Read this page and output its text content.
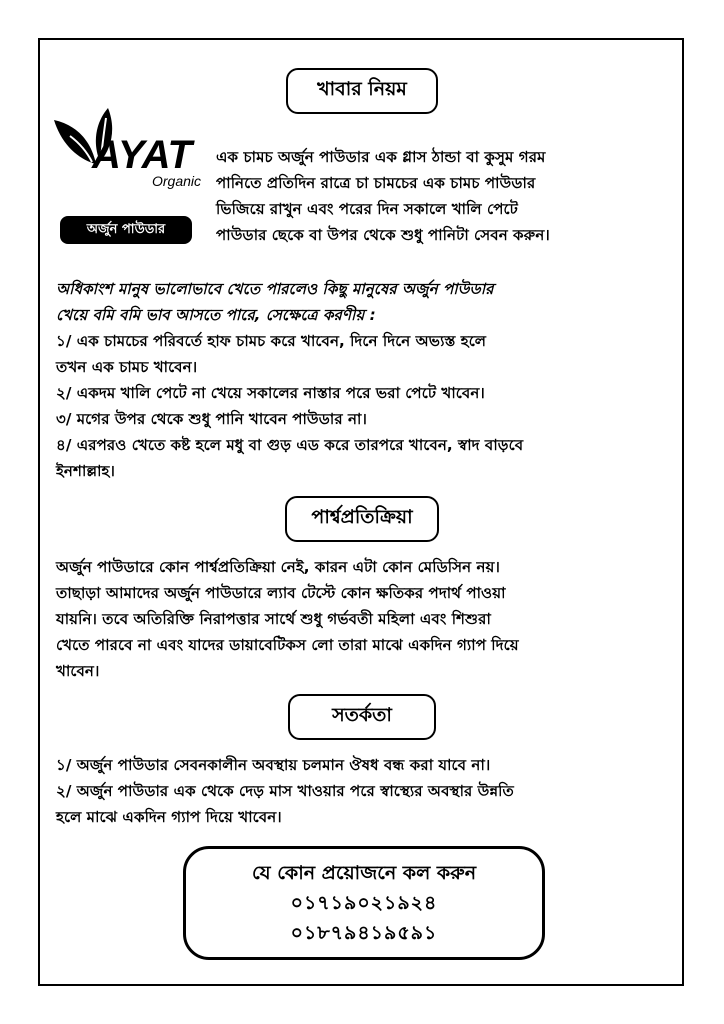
খাবার নিয়ম
AYAT
Organic
অর্জুন পাউডার
এক চামচ অর্জুন পাউডার এক গ্লাস ঠান্ডা বা কুসুম গরম
পানিতে প্রতিদিন রাত্রে চা চামচের এক চামচ পাউডার
ভিজিয়ে রাখুন এবং পরের দিন সকালে খালি পেটে
পাউডার ছেকে বা উপর থেকে শুধু পানিটা সেবন করুন।
অধিকাংশ মানুষ ভালোভাবে খেতে পারলেও কিছু মানুষের অর্জুন পাউডার
খেয়ে বমি বমি ভাব আসতে পারে, সেক্ষেত্রে করণীয় :
১/ এক চামচের পরিবর্তে হাফ চামচ করে খাবেন, দিনে দিনে অভ্যস্ত হলে
তখন এক চামচ খাবেন।
২/ একদম খালি পেটে না খেয়ে সকালের নাস্তার পরে ভরা পেটে খাবেন।
৩/ মগের উপর থেকে শুধু পানি খাবেন পাউডার না।
৪/ এরপরও খেতে কষ্ট হলে মধু বা গুড় এড করে তারপরে খাবেন, স্বাদ বাড়বে
ইনশাল্লাহ।
পার্শ্বপ্রতিক্রিয়া
অর্জুন পাউডারে কোন পার্শ্বপ্রতিক্রিয়া নেই, কারন এটা কোন মেডিসিন নয়।
তাছাড়া আমাদের অর্জুন পাউডারে ল্যাব টেস্টে কোন ক্ষতিকর পদার্থ পাওয়া
যায়নি। তবে অতিরিক্তি নিরাপত্তার সার্থে শুধু গর্ভবতী মহিলা এবং শিশুরা
খেতে পারবে না এবং যাদের ডায়াবেটিকস লো তারা মাঝে একদিন গ্যাপ দিয়ে
খাবেন।
সতর্কতা
১/ অর্জুন পাউডার সেবনকালীন অবস্থায় চলমান ঔষধ বন্ধ করা যাবে না।
২/ অর্জুন পাউডার এক থেকে দেড় মাস খাওয়ার পরে স্বাস্থ্যের অবস্থার উন্নতি
হলে মাঝে একদিন গ্যাপ দিয়ে খাবেন।
যে কোন প্রয়োজনে কল করুন
০১৭১৯০২১৯২৪
০১৮৭৯৪১৯৫৯১
